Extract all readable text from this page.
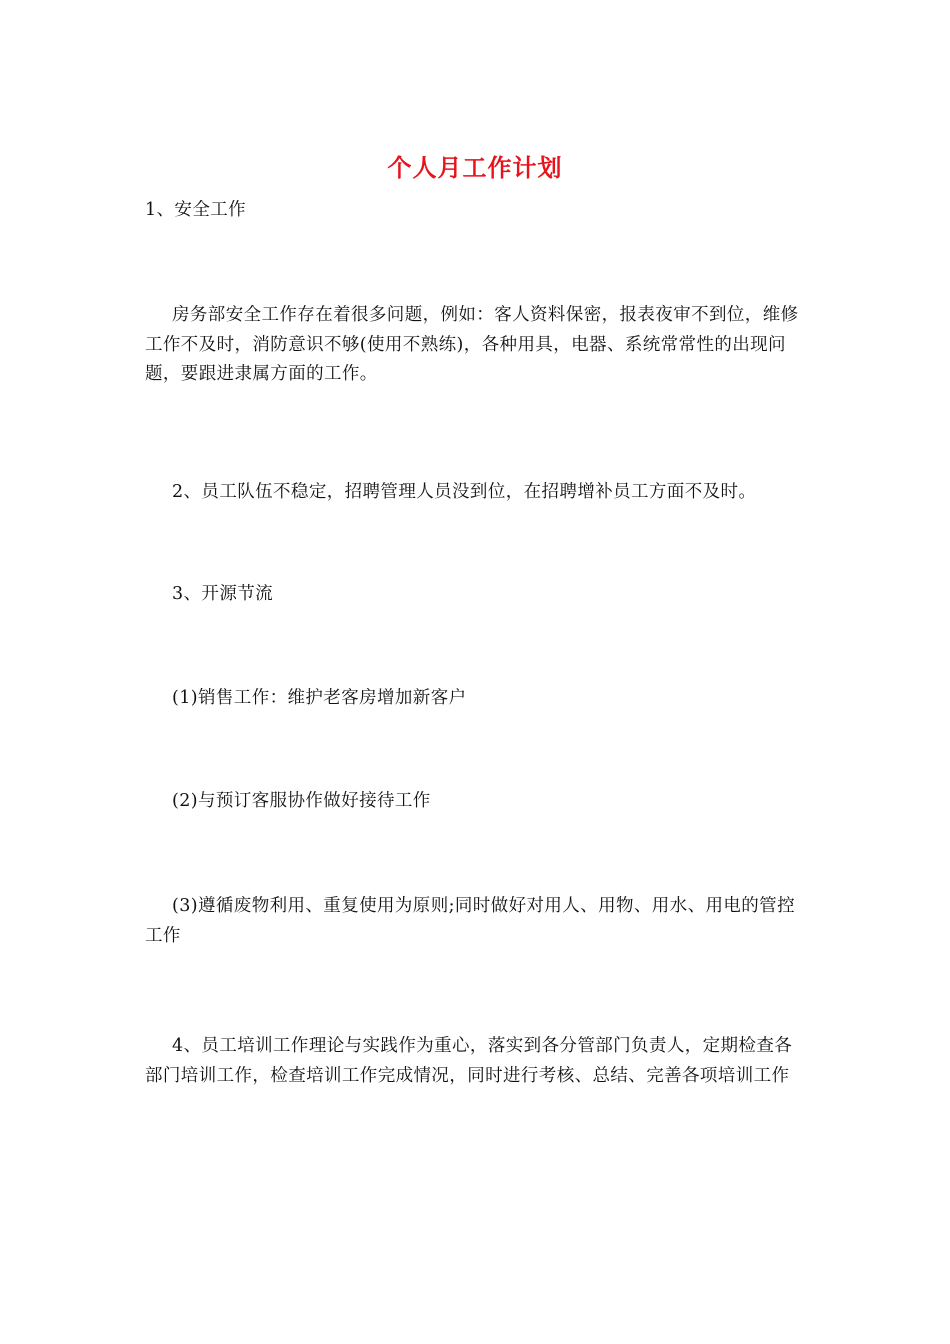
个人月工作计划

1、安全工作

房务部安全工作存在着很多问题，例如：客人资料保密，报表夜审不到位，维修工作不及时，消防意识不够(使用不熟练)，各种用具，电器、系统常常性的出现问题，要跟进隶属方面的工作。

2、员工队伍不稳定，招聘管理人员没到位，在招聘增补员工方面不及时。

3、开源节流

(1)销售工作：维护老客房增加新客户

(2)与预订客服协作做好接待工作

(3)遵循废物利用、重复使用为原则;同时做好对用人、用物、用水、用电的管控工作

4、员工培训工作理论与实践作为重心，落实到各分管部门负责人，定期检查各部门培训工作，检查培训工作完成情况，同时进行考核、总结、完善各项培训工作
